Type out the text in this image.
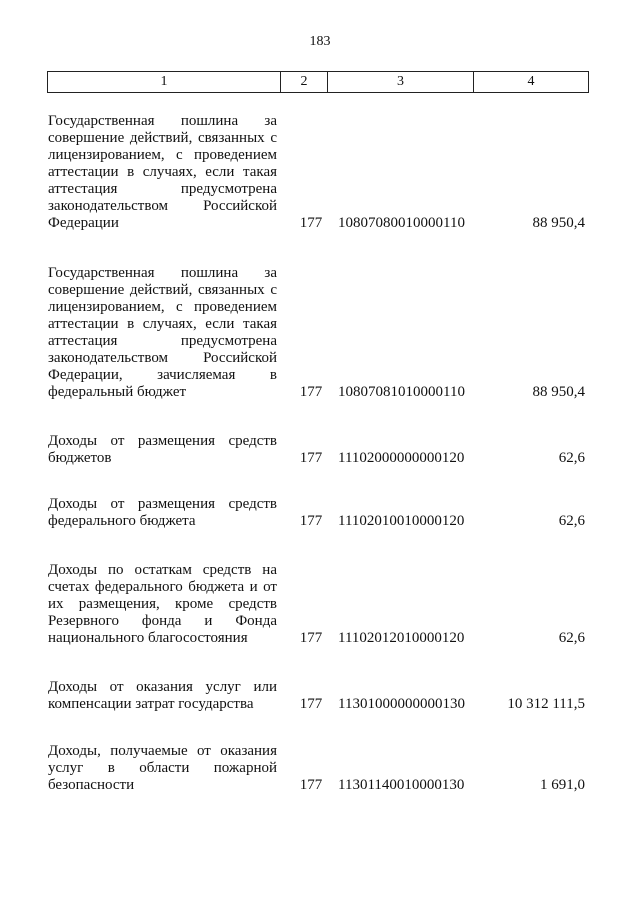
183
1	2	3	4
Государственная пошлина за
совершение действий, связанных с
лицензированием, с проведением
аттестации в случаях, если такая
аттестация предусмотрена
законодательством Российской
Федерации	177 10807080010000110	88 950,4
Государственная пошлина за
совершение действий, связанных с
лицензированием, с проведением
аттестации в случаях, если такая
аттестация предусмотрена
законодательством Российской
Федерации, зачисляемая в
федеральный бюджет	177 10807081010000110	88 950,4
Доходы от размещения средств
бюджетов	177 11102000000000120	62,6
Доходы от размещения средств
федерального бюджета	177 11102010010000120	62,6
Доходы по остаткам средств на
счетах федерального бюджета и от
их размещения, кроме средств
Резервного фонда и Фонда
национального благосостояния	177 11102012010000120	62,6
Доходы от оказания услуг или
компенсации затрат государства	177 11301000000000130	10 312 111,5
Доходы, получаемые от оказания
услуг в области пожарной
безопасности	177 11301140010000130	1 691,0
